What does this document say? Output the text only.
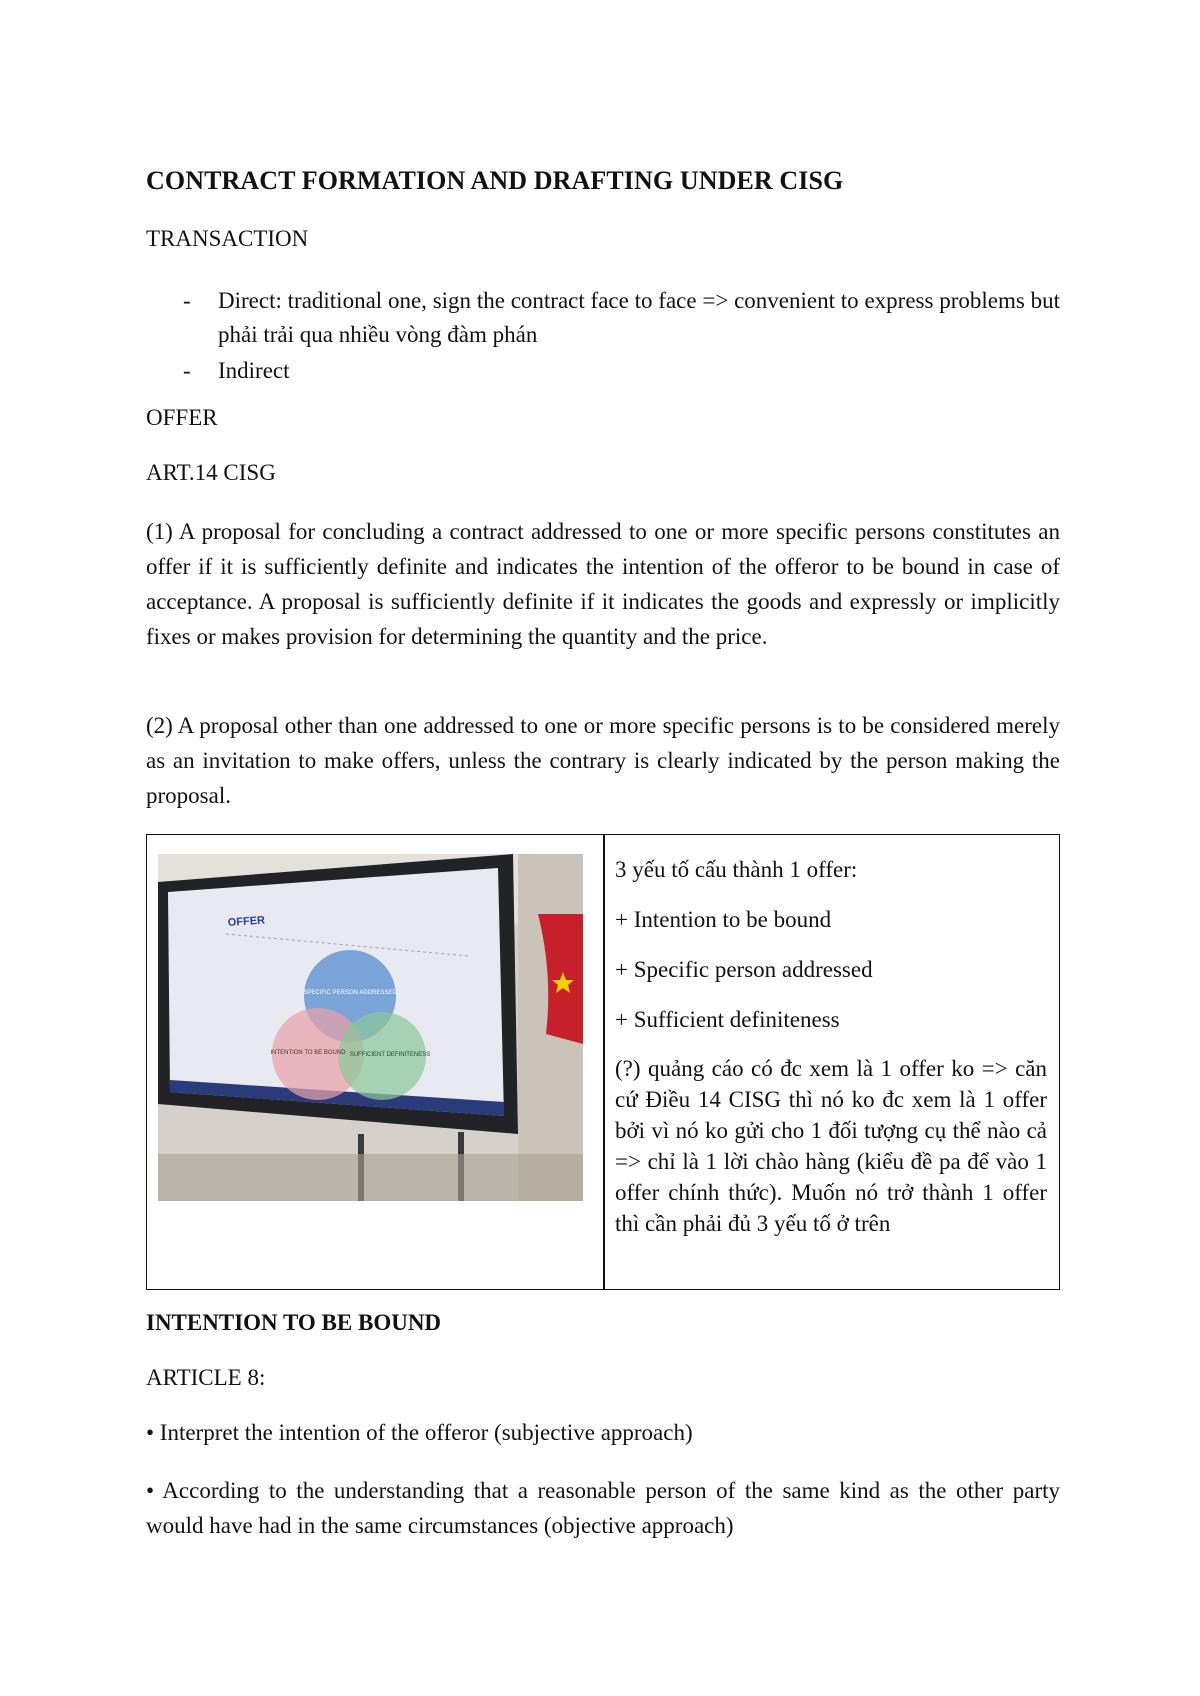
CONTRACT FORMATION AND DRAFTING UNDER CISG
TRANSACTION
- Direct: traditional one, sign the contract face to face => convenient to express problems but phải trải qua nhiều vòng đàm phán
- Indirect
OFFER
ART.14 CISG
(1) A proposal for concluding a contract addressed to one or more specific persons constitutes an offer if it is sufficiently definite and indicates the intention of the offeror to be bound in case of acceptance. A proposal is sufficiently definite if it indicates the goods and expressly or implicitly fixes or makes provision for determining the quantity and the price.
(2) A proposal other than one addressed to one or more specific persons is to be considered merely as an invitation to make offers, unless the contrary is clearly indicated by the person making the proposal.
OFFER
SPECIFIC PERSON ADDRESSED
INTENTION TO BE BOUND SUFFICIENT DEFINITENESS
3 yếu tố cấu thành 1 offer:
+ Intention to be bound
+ Specific person addressed
+ Sufficient definiteness
(?) quảng cáo có đc xem là 1 offer ko => căn cứ Điều 14 CISG thì nó ko đc xem là 1 offer bởi vì nó ko gửi cho 1 đối tượng cụ thể nào cả => chỉ là 1 lời chào hàng (kiểu đề pa để vào 1 offer chính thức). Muốn nó trở thành 1 offer thì cần phải đủ 3 yếu tố ở trên
INTENTION TO BE BOUND
ARTICLE 8:
• Interpret the intention of the offeror (subjective approach)
• According to the understanding that a reasonable person of the same kind as the other party would have had in the same circumstances (objective approach)
